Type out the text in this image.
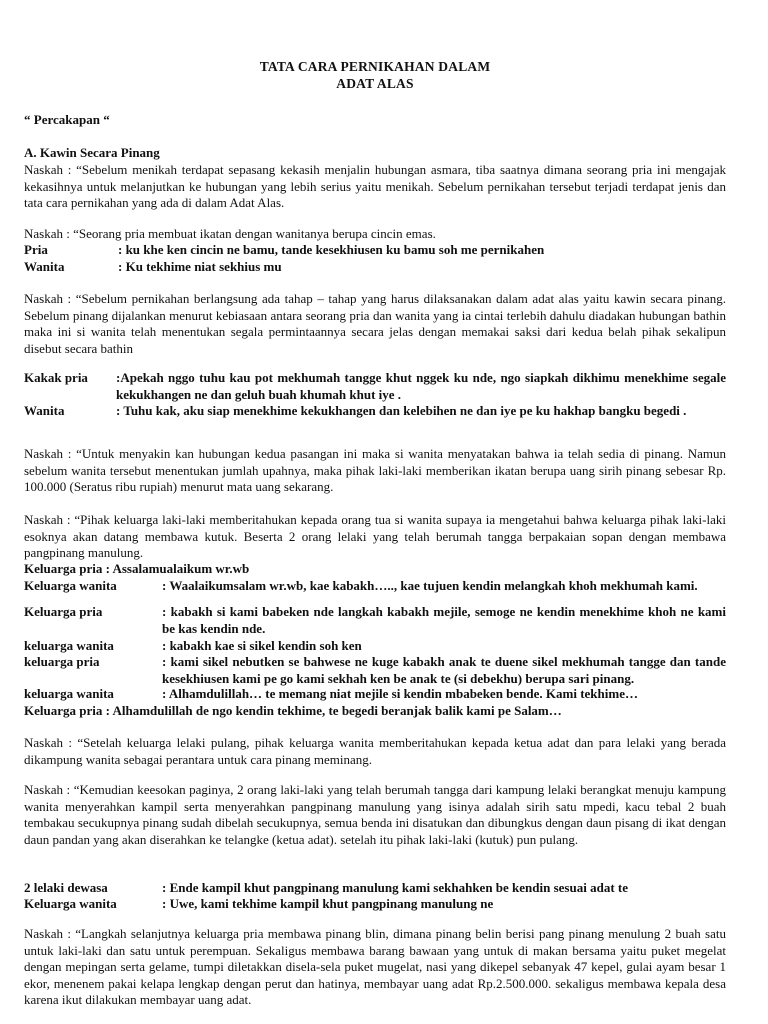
TATA CARA PERNIKAHAN DALAM
ADAT ALAS
“ Percakapan “
A. Kawin Secara Pinang
Naskah : “Sebelum menikah terdapat sepasang kekasih menjalin hubungan asmara, tiba saatnya dimana seorang pria ini mengajak kekasihnya untuk melanjutkan ke hubungan yang lebih serius yaitu menikah. Sebelum pernikahan tersebut terjadi terdapat jenis dan tata cara pernikahan yang ada di dalam Adat Alas.
Naskah : “Seorang pria membuat ikatan dengan wanitanya berupa cincin emas.
Pria	: ku khe ken cincin ne bamu, tande kesekhiusen ku bamu soh me pernikahen
Wanita	: Ku tekhime niat sekhius mu
Naskah : “Sebelum pernikahan berlangsung ada tahap – tahap yang harus dilaksanakan dalam adat alas yaitu kawin secara pinang. Sebelum pinang dijalankan menurut kebiasaan antara seorang pria dan wanita yang ia cintai terlebih dahulu diadakan hubungan bathin maka ini si wanita telah menentukan segala permintaannya secara jelas dengan memakai saksi dari kedua belah pihak sekalipun disebut secara bathin
Kakak pria :Apekah nggo tuhu kau pot mekhumah tangge khut nggek ku nde, ngo siapkah dikhimu menekhime segale kekukhangen ne dan geluh buah khumah khut iye .
Wanita	: Tuhu kak, aku siap menekhime kekukhangen dan kelebihen ne dan iye pe ku hakhap bangku begedi .
Naskah : “Untuk menyakin kan hubungan kedua pasangan ini maka si wanita menyatakan bahwa ia telah sedia di pinang. Namun sebelum wanita tersebut menentukan jumlah upahnya, maka pihak laki-laki memberikan ikatan berupa uang sirih pinang sebesar Rp. 100.000 (Seratus ribu rupiah) menurut mata uang sekarang.
Naskah : “Pihak keluarga laki-laki memberitahukan kepada orang tua si wanita supaya ia mengetahui bahwa keluarga pihak laki-laki esoknya akan datang membawa kutuk. Beserta 2 orang lelaki yang telah berumah tangga berpakaian sopan dengan membawa pangpinang manulung.
Keluarga pria : Assalamualaikum wr.wb
Keluarga wanita	: Waalaikumsalam wr.wb, kae kabakh….., kae tujuen kendin melangkah khoh mekhumah kami.
Keluarga pria	: kabakh si kami babeken nde langkah kabakh mejile, semoge ne kendin menekhime khoh ne kami be kas kendin nde.
keluarga wanita	: kabakh kae si sikel kendin soh ken
keluarga pria	: kami sikel nebutken se bahwese ne kuge kabakh anak te duene sikel mekhumah tangge dan tande kesekhiusen kami pe go kami sekhah ken be anak te (si debekhu) berupa sari pinang.
keluarga wanita	: Alhamdulillah… te memang niat mejile si kendin mbabeken bende. Kami tekhime…
Keluarga pria : Alhamdulillah de ngo kendin tekhime, te begedi beranjak balik kami pe Salam…
Naskah : “Setelah keluarga lelaki pulang, pihak keluarga wanita memberitahukan kepada ketua adat dan para lelaki yang berada dikampung wanita sebagai perantara untuk cara pinang meminang.
Naskah : “Kemudian keesokan paginya, 2 orang laki-laki yang telah berumah tangga dari kampung lelaki berangkat menuju kampung wanita menyerahkan kampil serta menyerahkan pangpinang manulung yang isinya adalah sirih satu mpedi, kacu tebal 2 buah tembakau secukupnya pinang sudah dibelah secukupnya, semua benda ini disatukan dan dibungkus dengan daun pisang di ikat dengan daun pandan yang akan diserahkan ke telangke (ketua adat). setelah itu pihak laki-laki (kutuk) pun pulang.
2 lelaki dewasa	: Ende kampil khut pangpinang manulung kami sekhahken be kendin sesuai adat te
Keluarga wanita	: Uwe, kami tekhime kampil khut pangpinang manulung ne
Naskah : “Langkah selanjutnya keluarga pria membawa pinang blin, dimana pinang belin berisi pang pinang menulung 2 buah satu untuk laki-laki dan satu untuk perempuan. Sekaligus membawa barang bawaan yang untuk di makan bersama yaitu puket megelat dengan mepingan serta gelame, tumpi diletakkan disela-sela puket mugelat, nasi yang dikepel sebanyak 47 kepel, gulai ayam besar 1 ekor, menenem pakai kelapa lengkap dengan perut dan hatinya, membayar uang adat Rp.2.500.000. sekaligus membawa kepala desa karena ikut dilakukan membayar uang adat.
